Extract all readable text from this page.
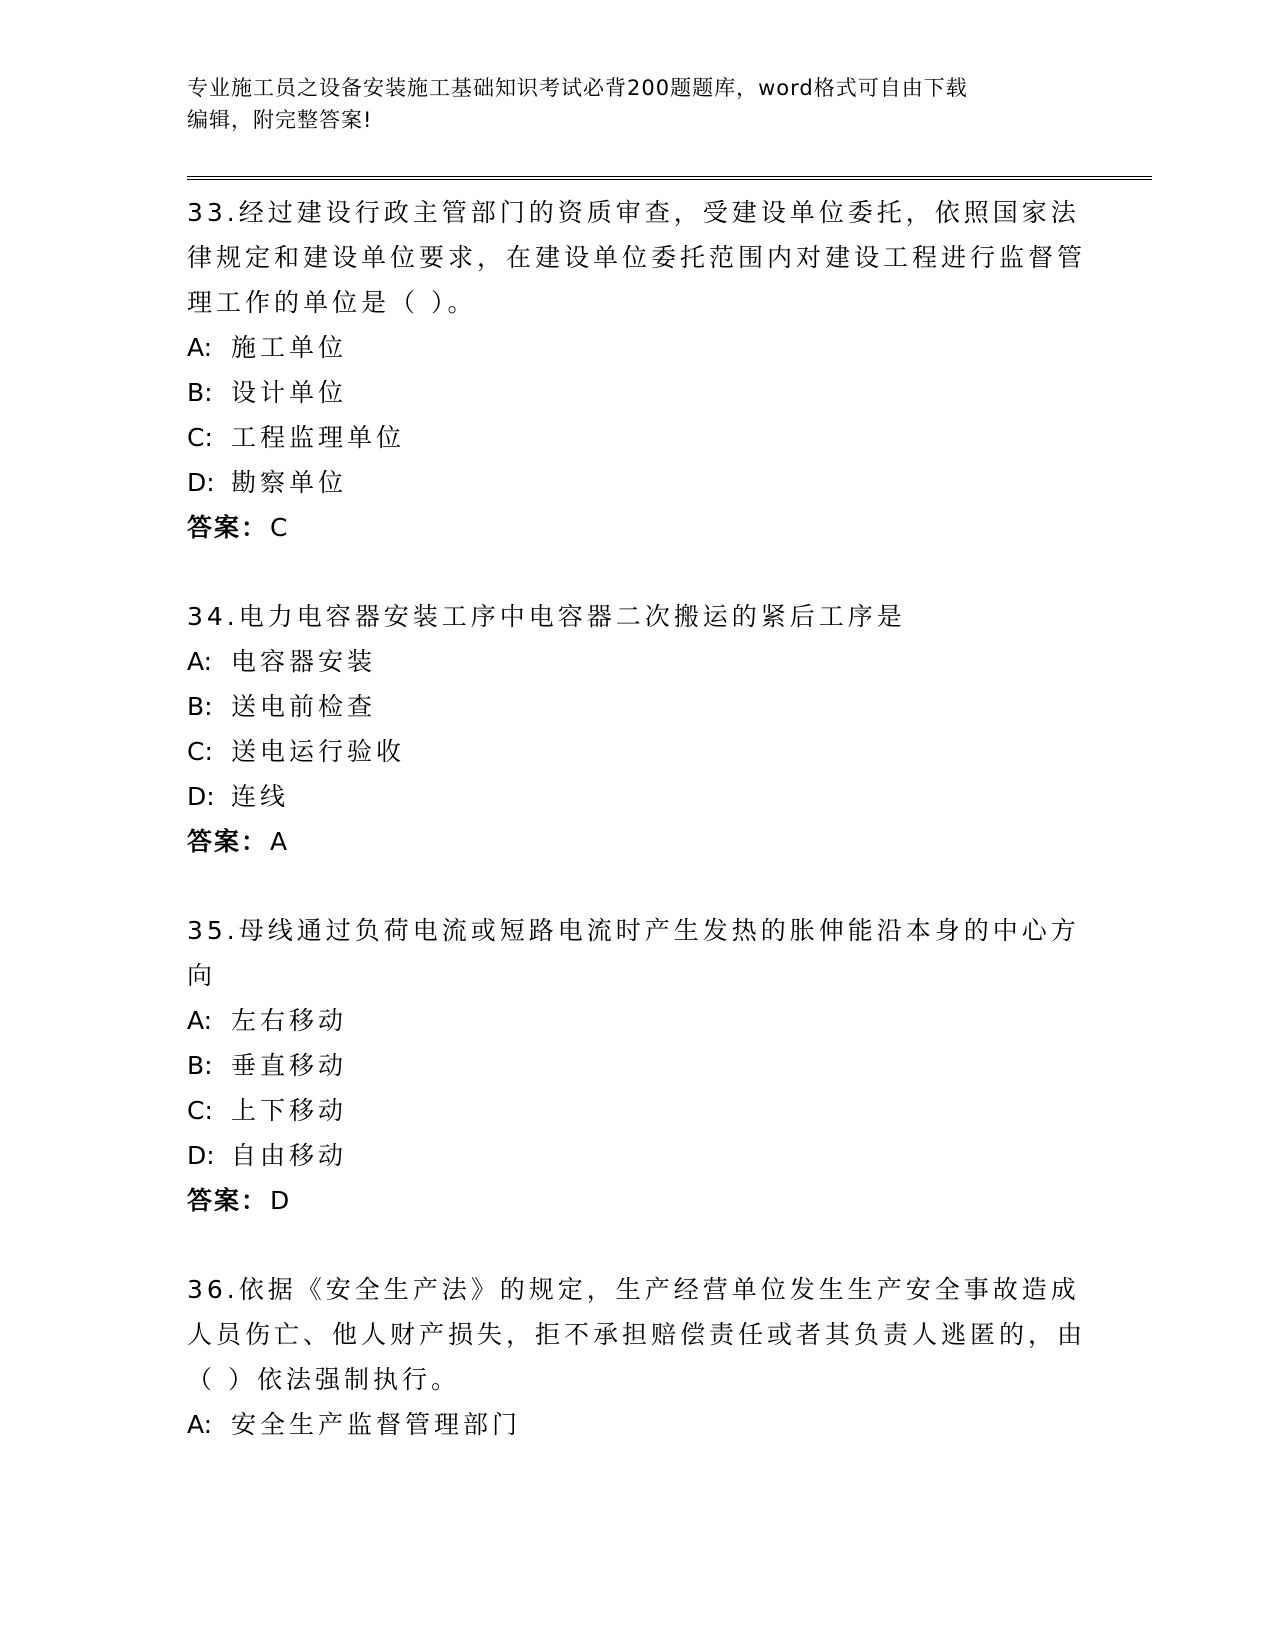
专业施工员之设备安装施工基础知识考试必背200题题库，word格式可自由下载
编辑，附完整答案!

33.经过建设行政主管部门的资质审查，受建设单位委托，依照国家法律规定和建设单位要求，在建设单位委托范围内对建设工程进行监督管理工作的单位是（ ）。

A: 施工单位

B: 设计单位

C: 工程监理单位

D: 勘察单位

答案：C

34.电力电容器安装工序中电容器二次搬运的紧后工序是

A: 电容器安装

B: 送电前检查

C: 送电运行验收

D: 连线

答案：A

35.母线通过负荷电流或短路电流时产生发热的胀伸能沿本身的中心方向

A: 左右移动

B: 垂直移动

C: 上下移动

D: 自由移动

答案：D

36.依据《安全生产法》的规定，生产经营单位发生生产安全事故造成人员伤亡、他人财产损失，拒不承担赔偿责任或者其负责人逃匿的，由（ ）依法强制执行。

A: 安全生产监督管理部门
